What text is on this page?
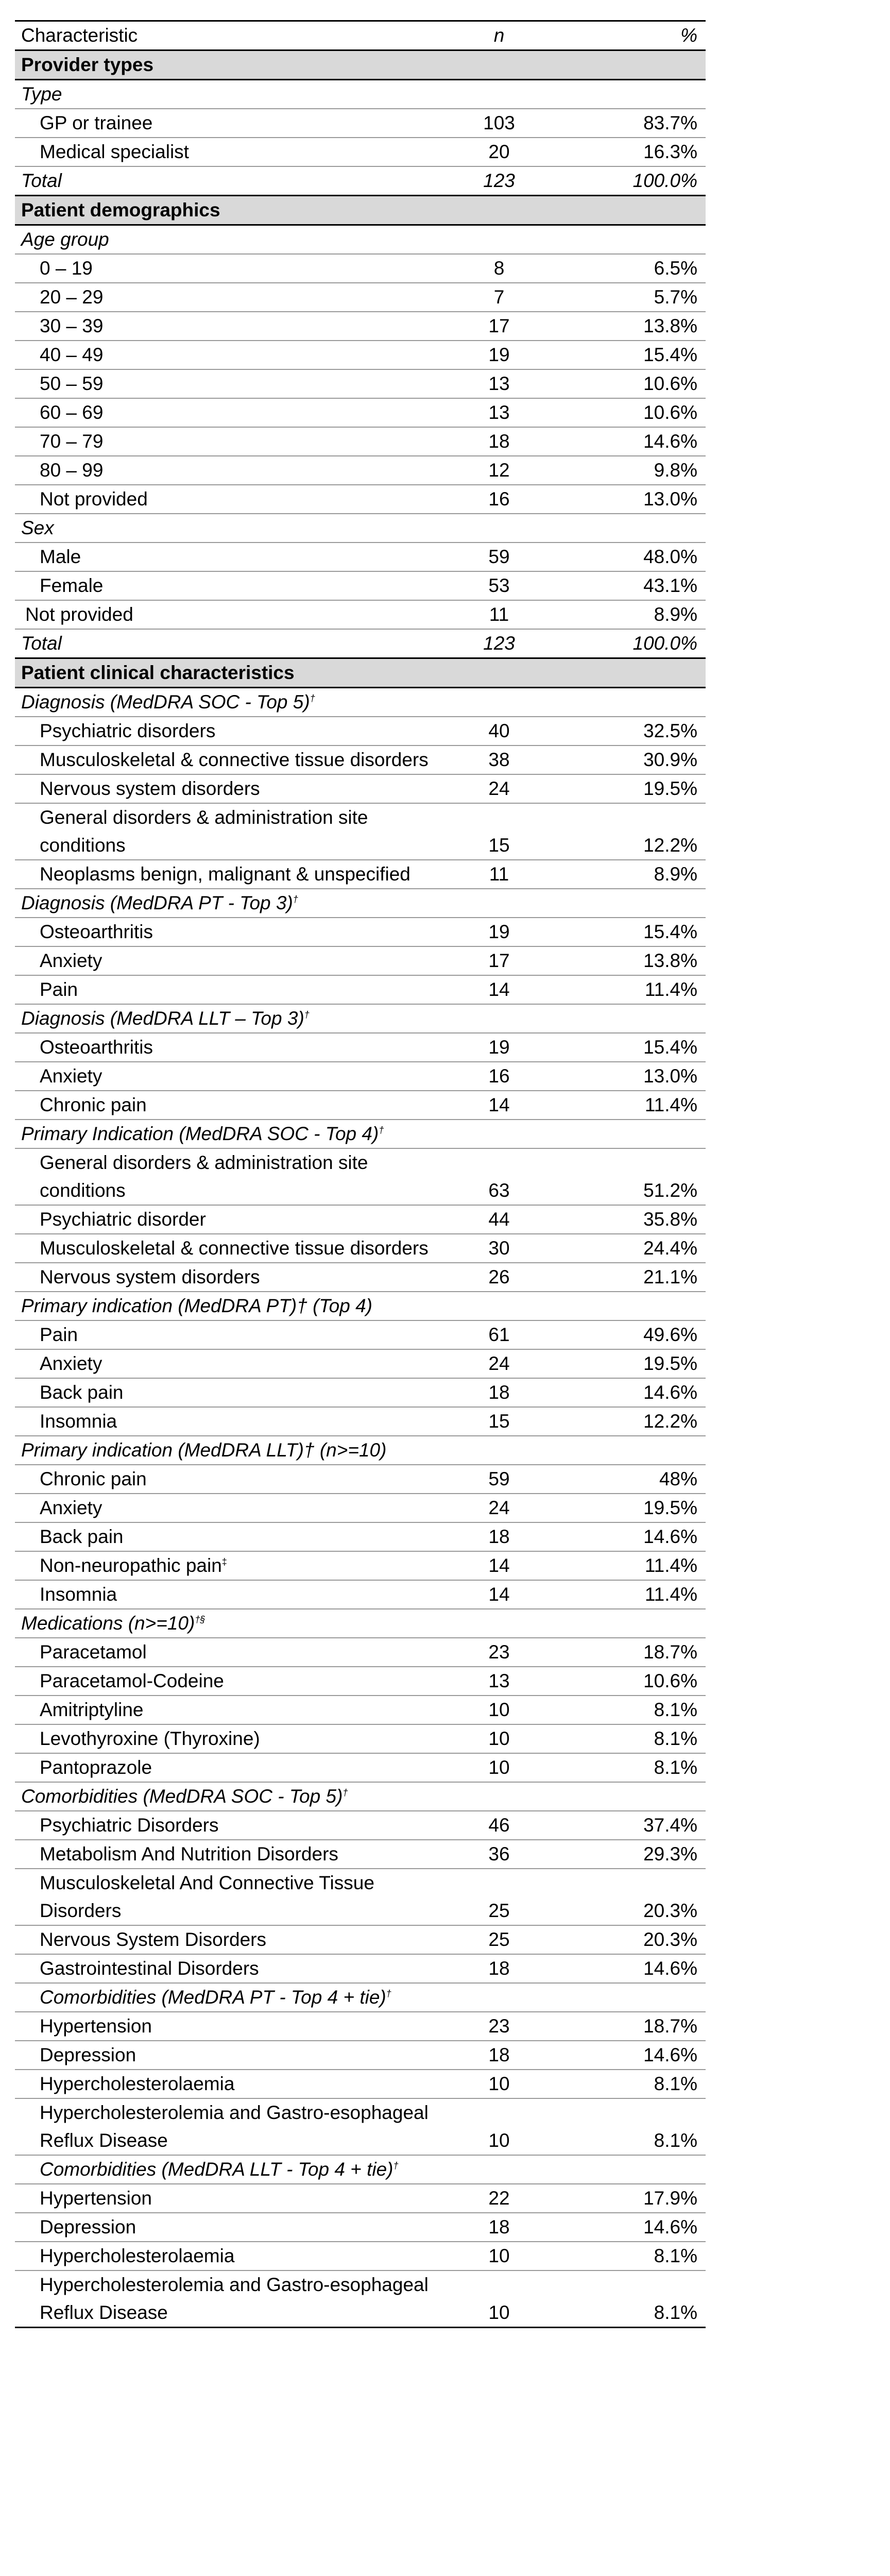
Characteristic	n	%
Provider types		
Type		
GP or trainee	103	83.7%
Medical specialist	20	16.3%
Total	123	100.0%
Patient demographics		
Age group		
0 – 19	8	6.5%
20 – 29	7	5.7%
30 – 39	17	13.8%
40 – 49	19	15.4%
50 – 59	13	10.6%
60 – 69	13	10.6%
70 – 79	18	14.6%
80 – 99	12	9.8%
Not provided	16	13.0%
Sex		
Male	59	48.0%
Female	53	43.1%
Not provided	11	8.9%
Total	123	100.0%
Patient clinical characteristics		
Diagnosis (MedDRA SOC - Top 5)†		
Psychiatric disorders	40	32.5%
Musculoskeletal & connective tissue disorders	38	30.9%
Nervous system disorders	24	19.5%
General disorders & administration site conditions	15	12.2%
Neoplasms benign, malignant & unspecified	11	8.9%
Diagnosis (MedDRA PT - Top 3)†		
Osteoarthritis	19	15.4%
Anxiety	17	13.8%
Pain	14	11.4%
Diagnosis (MedDRA LLT – Top 3)†		
Osteoarthritis	19	15.4%
Anxiety	16	13.0%
Chronic pain	14	11.4%
Primary Indication (MedDRA SOC - Top 4)†		
General disorders & administration site conditions	63	51.2%
Psychiatric disorder	44	35.8%
Musculoskeletal & connective tissue disorders	30	24.4%
Nervous system disorders	26	21.1%
Primary indication (MedDRA PT)† (Top 4)		
Pain	61	49.6%
Anxiety	24	19.5%
Back pain	18	14.6%
Insomnia	15	12.2%
Primary indication (MedDRA LLT)† (n>=10)		
Chronic pain	59	48%
Anxiety	24	19.5%
Back pain	18	14.6%
Non-neuropathic pain‡	14	11.4%
Insomnia	14	11.4%
Medications (n>=10)†§		
Paracetamol	23	18.7%
Paracetamol-Codeine	13	10.6%
Amitriptyline	10	8.1%
Levothyroxine (Thyroxine)	10	8.1%
Pantoprazole	10	8.1%
Comorbidities (MedDRA SOC - Top 5)†		
Psychiatric Disorders	46	37.4%
Metabolism And Nutrition Disorders	36	29.3%
Musculoskeletal And Connective Tissue Disorders	25	20.3%
Nervous System Disorders	25	20.3%
Gastrointestinal Disorders	18	14.6%
Comorbidities (MedDRA PT - Top 4 + tie)†		
Hypertension	23	18.7%
Depression	18	14.6%
Hypercholesterolaemia	10	8.1%
Hypercholesterolemia and Gastro-esophageal Reflux Disease	10	8.1%
Comorbidities (MedDRA LLT - Top 4 + tie)†		
Hypertension	22	17.9%
Depression	18	14.6%
Hypercholesterolaemia	10	8.1%
Hypercholesterolemia and Gastro-esophageal Reflux Disease	10	8.1%
